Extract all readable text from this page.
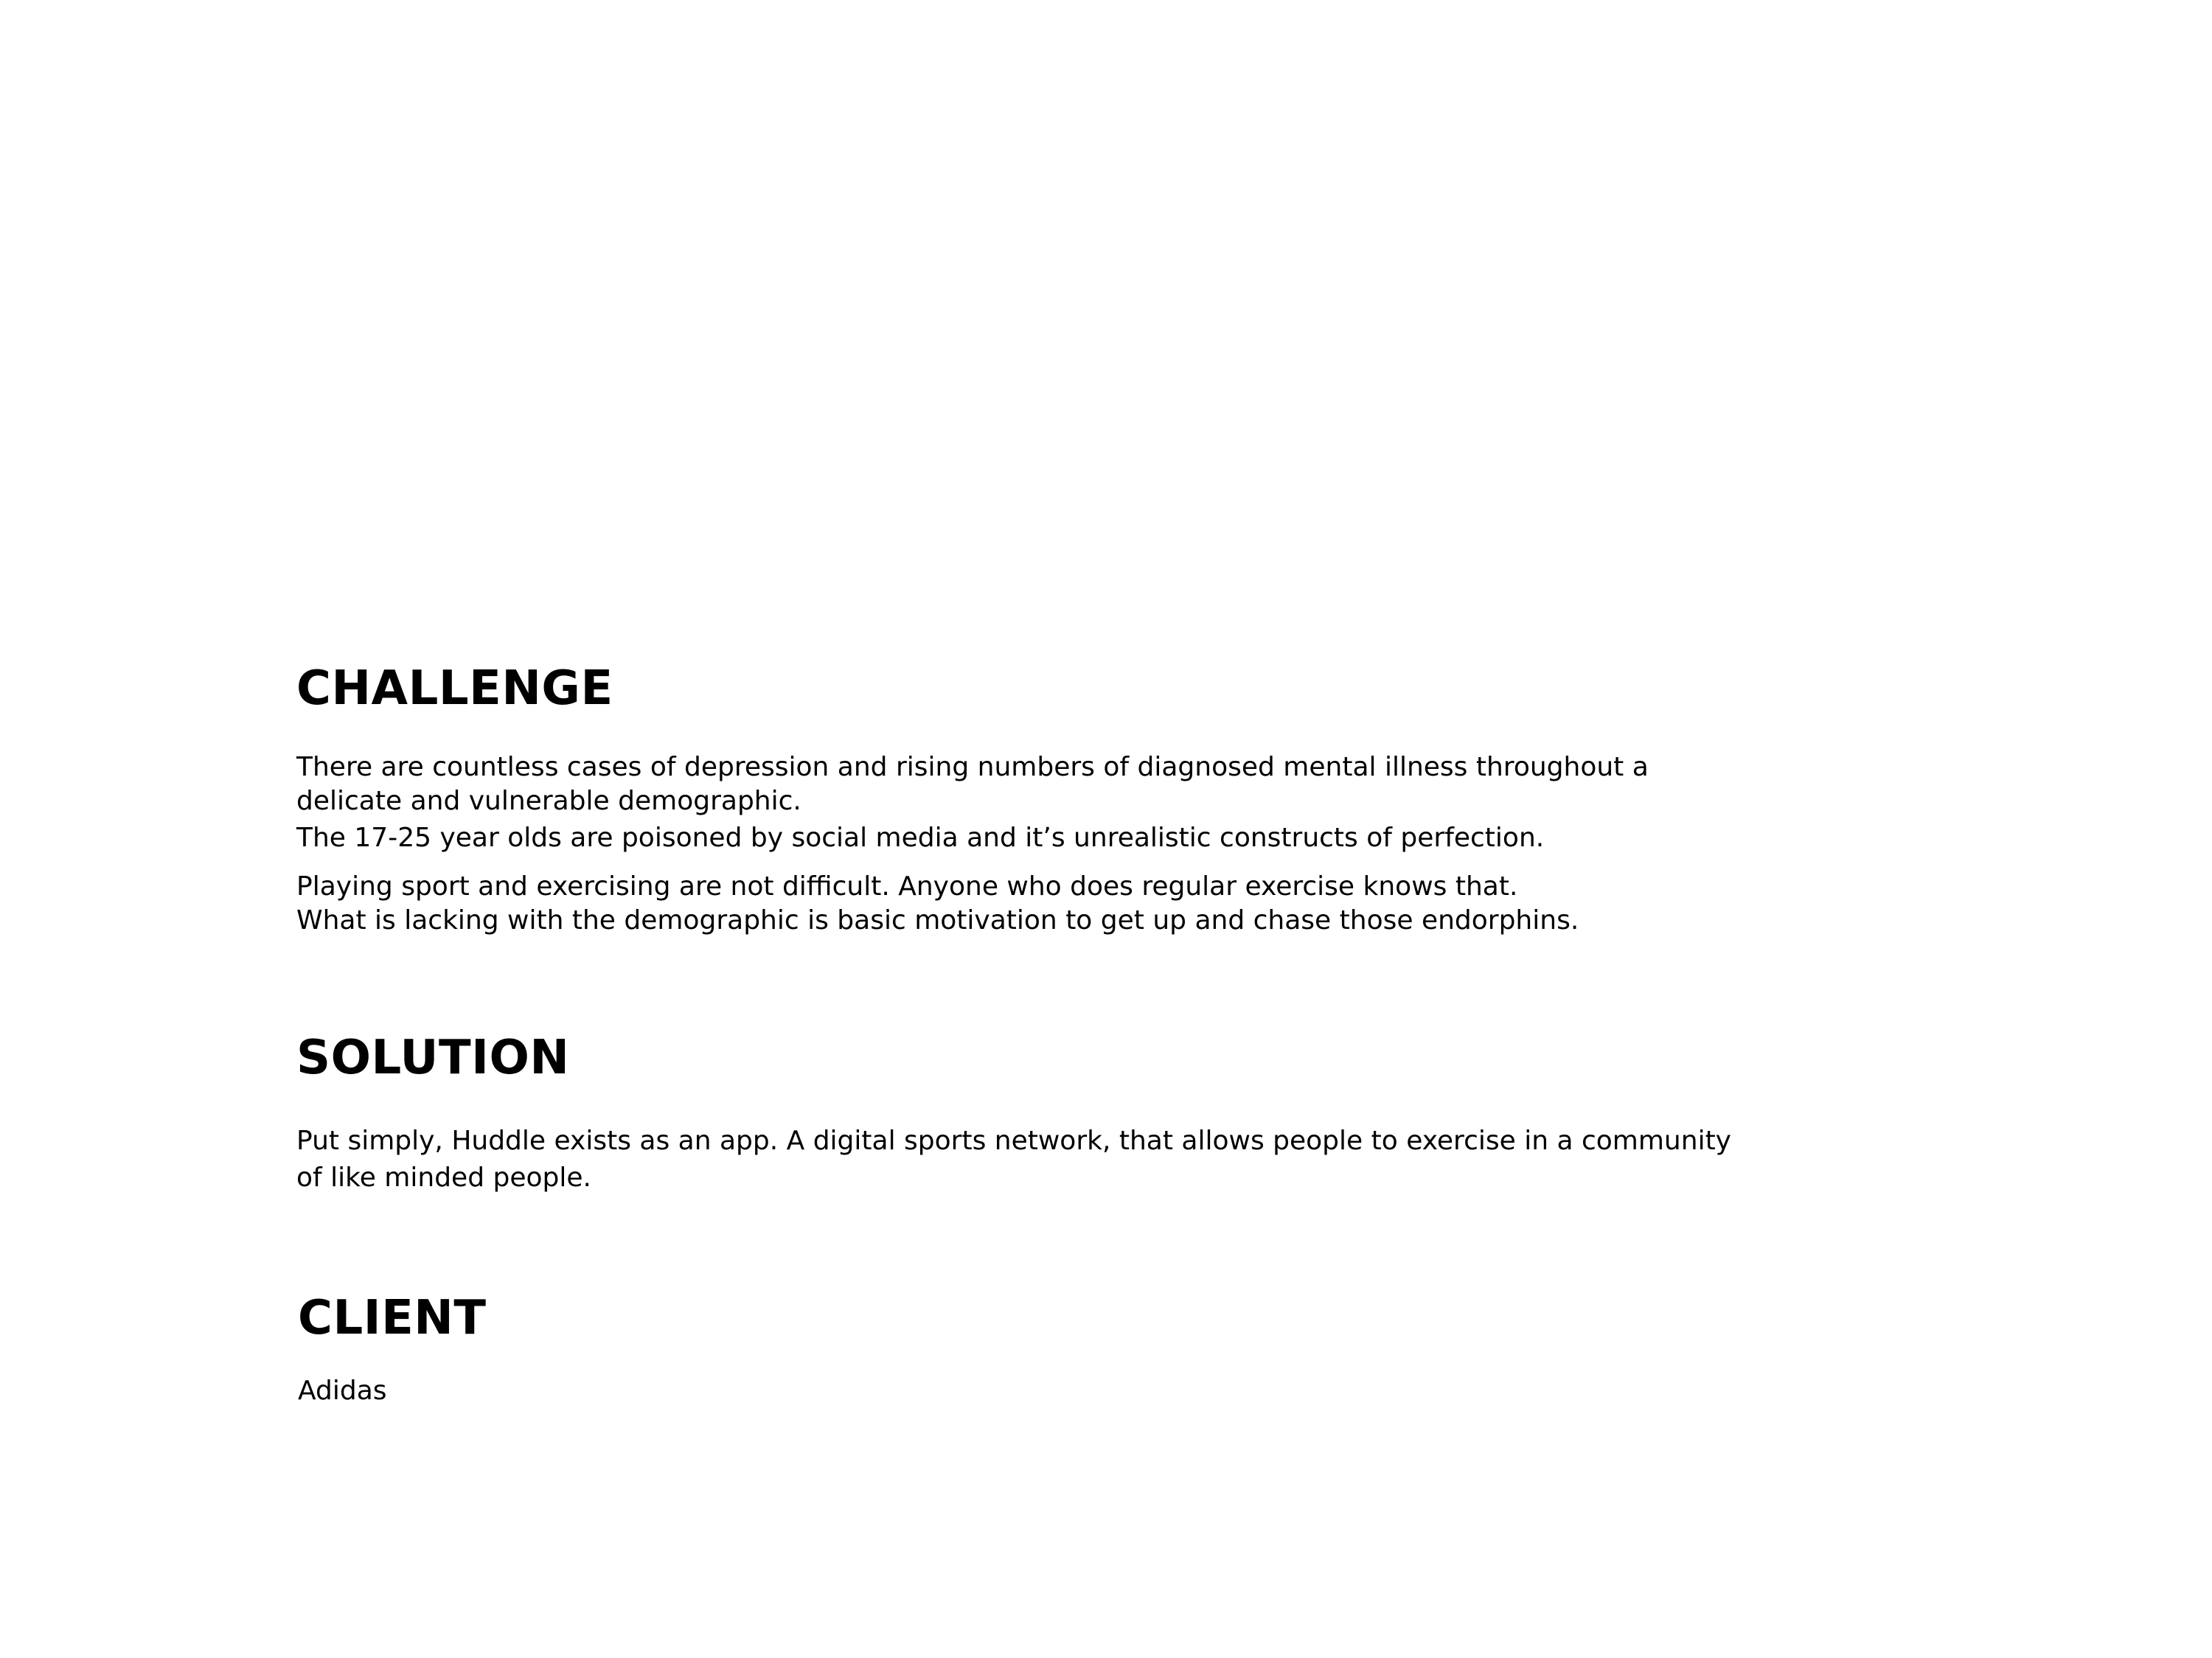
CHALLENGE

There are countless cases of depression and rising numbers of diagnosed mental illness throughout a delicate and vulnerable demographic.

The 17-25 year olds are poisoned by social media and it’s unrealistic constructs of perfection.

Playing sport and exercising are not difficult. Anyone who does regular exercise knows that.

What is lacking with the demographic is basic motivation to get up and chase those endorphins.

SOLUTION

Put simply, Huddle exists as an app. A digital sports network, that allows people to exercise in a community of like minded people.

CLIENT

Adidas
